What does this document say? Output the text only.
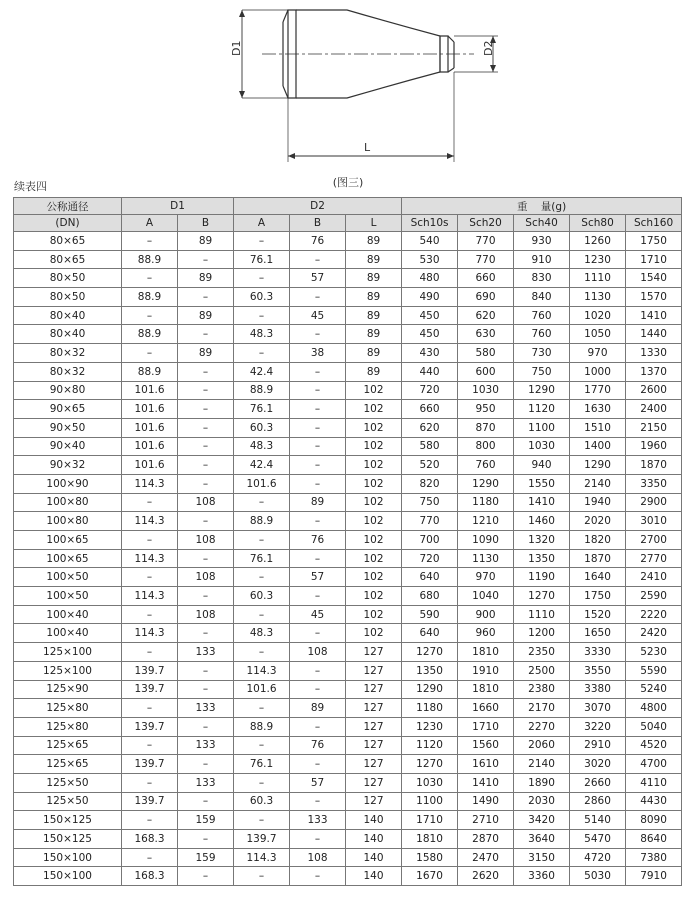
D1	D2
L
续表四	(图三)
公称通径	D1		D2			重    量(g)				
(DN)	A	B	A	B	L	Sch10s	Sch20	Sch40	Sch80	Sch160
80×65	–	89	–	76	89	540	770	930	1260	1750
80×65	88.9	–	76.1	–	89	530	770	910	1230	1710
80×50	–	89	–	57	89	480	660	830	1110	1540
80×50	88.9	–	60.3	–	89	490	690	840	1130	1570
80×40	–	89	–	45	89	450	620	760	1020	1410
80×40	88.9	–	48.3	–	89	450	630	760	1050	1440
80×32	–	89	–	38	89	430	580	730	970	1330
80×32	88.9	–	42.4	–	89	440	600	750	1000	1370
90×80	101.6	–	88.9	–	102	720	1030	1290	1770	2600
90×65	101.6	–	76.1	–	102	660	950	1120	1630	2400
90×50	101.6	–	60.3	–	102	620	870	1100	1510	2150
90×40	101.6	–	48.3	–	102	580	800	1030	1400	1960
90×32	101.6	–	42.4	–	102	520	760	940	1290	1870
100×90	114.3	–	101.6	–	102	820	1290	1550	2140	3350
100×80	–	108	–	89	102	750	1180	1410	1940	2900
100×80	114.3	–	88.9	–	102	770	1210	1460	2020	3010
100×65	–	108	–	76	102	700	1090	1320	1820	2700
100×65	114.3	–	76.1	–	102	720	1130	1350	1870	2770
100×50	–	108	–	57	102	640	970	1190	1640	2410
100×50	114.3	–	60.3	–	102	680	1040	1270	1750	2590
100×40	–	108	–	45	102	590	900	1110	1520	2220
100×40	114.3	–	48.3	–	102	640	960	1200	1650	2420
125×100	–	133	–	108	127	1270	1810	2350	3330	5230
125×100	139.7	–	114.3	–	127	1350	1910	2500	3550	5590
125×90	139.7	–	101.6	–	127	1290	1810	2380	3380	5240
125×80	–	133	–	89	127	1180	1660	2170	3070	4800
125×80	139.7	–	88.9	–	127	1230	1710	2270	3220	5040
125×65	–	133	–	76	127	1120	1560	2060	2910	4520
125×65	139.7	–	76.1	–	127	1270	1610	2140	3020	4700
125×50	–	133	–	57	127	1030	1410	1890	2660	4110
125×50	139.7	–	60.3	–	127	1100	1490	2030	2860	4430
150×125	–	159	–	133	140	1710	2710	3420	5140	8090
150×125	168.3	–	139.7	–	140	1810	2870	3640	5470	8640
150×100	–	159	114.3	108	140	1580	2470	3150	4720	7380
150×100	168.3	–	–	–	140	1670	2620	3360	5030	7910
